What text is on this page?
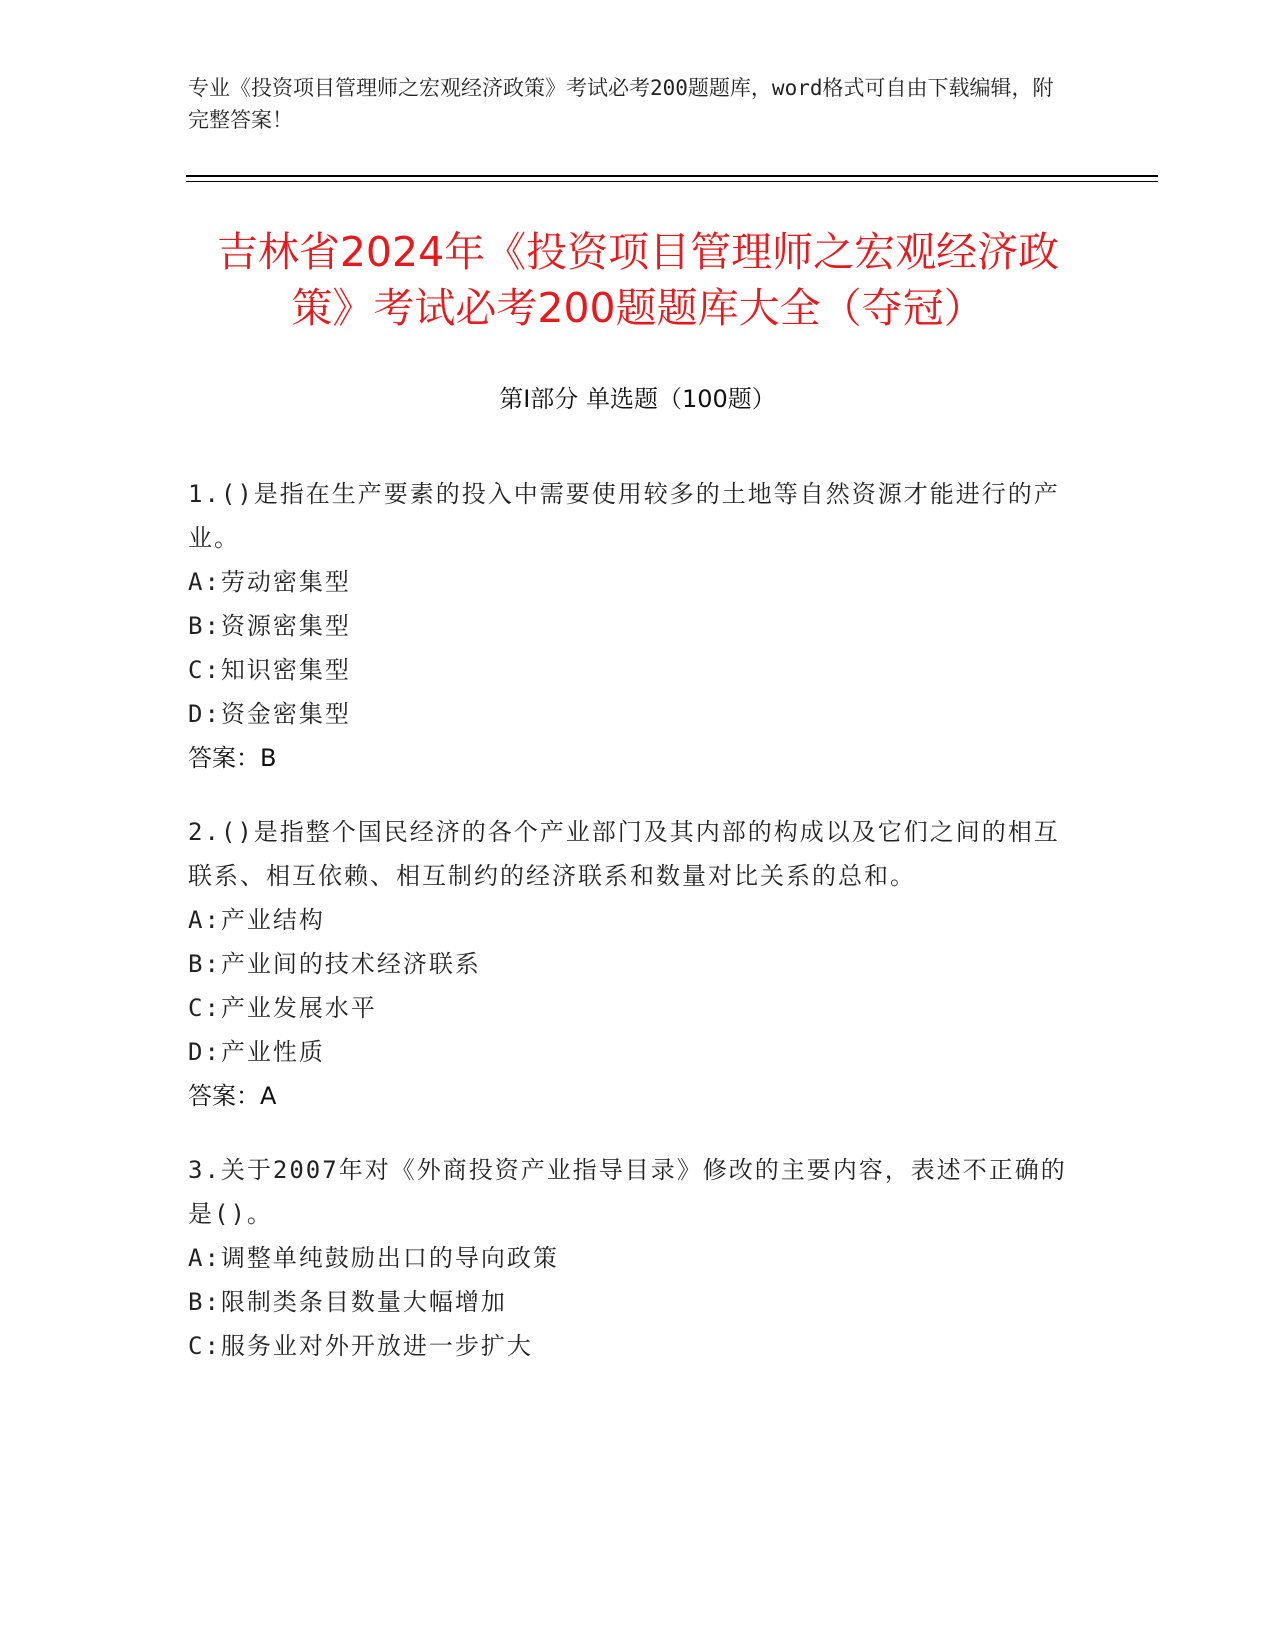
专业《投资项目管理师之宏观经济政策》考试必考200题题库，word格式可自由下载编辑，附完整答案！
吉林省2024年《投资项目管理师之宏观经济政策》考试必考200题题库大全（夺冠）
第I部分 单选题（100题）

1.()是指在生产要素的投入中需要使用较多的土地等自然资源才能进行的产业。

A:劳动密集型

B:资源密集型

C:知识密集型

D:资金密集型

答案：B

2.()是指整个国民经济的各个产业部门及其内部的构成以及它们之间的相互联系、相互依赖、相互制约的经济联系和数量对比关系的总和。

A:产业结构

B:产业间的技术经济联系

C:产业发展水平

D:产业性质

答案：A

3.关于2007年对《外商投资产业指导目录》修改的主要内容，表述不正确的是()。

A:调整单纯鼓励出口的导向政策

B:限制类条目数量大幅增加

C:服务业对外开放进一步扩大
